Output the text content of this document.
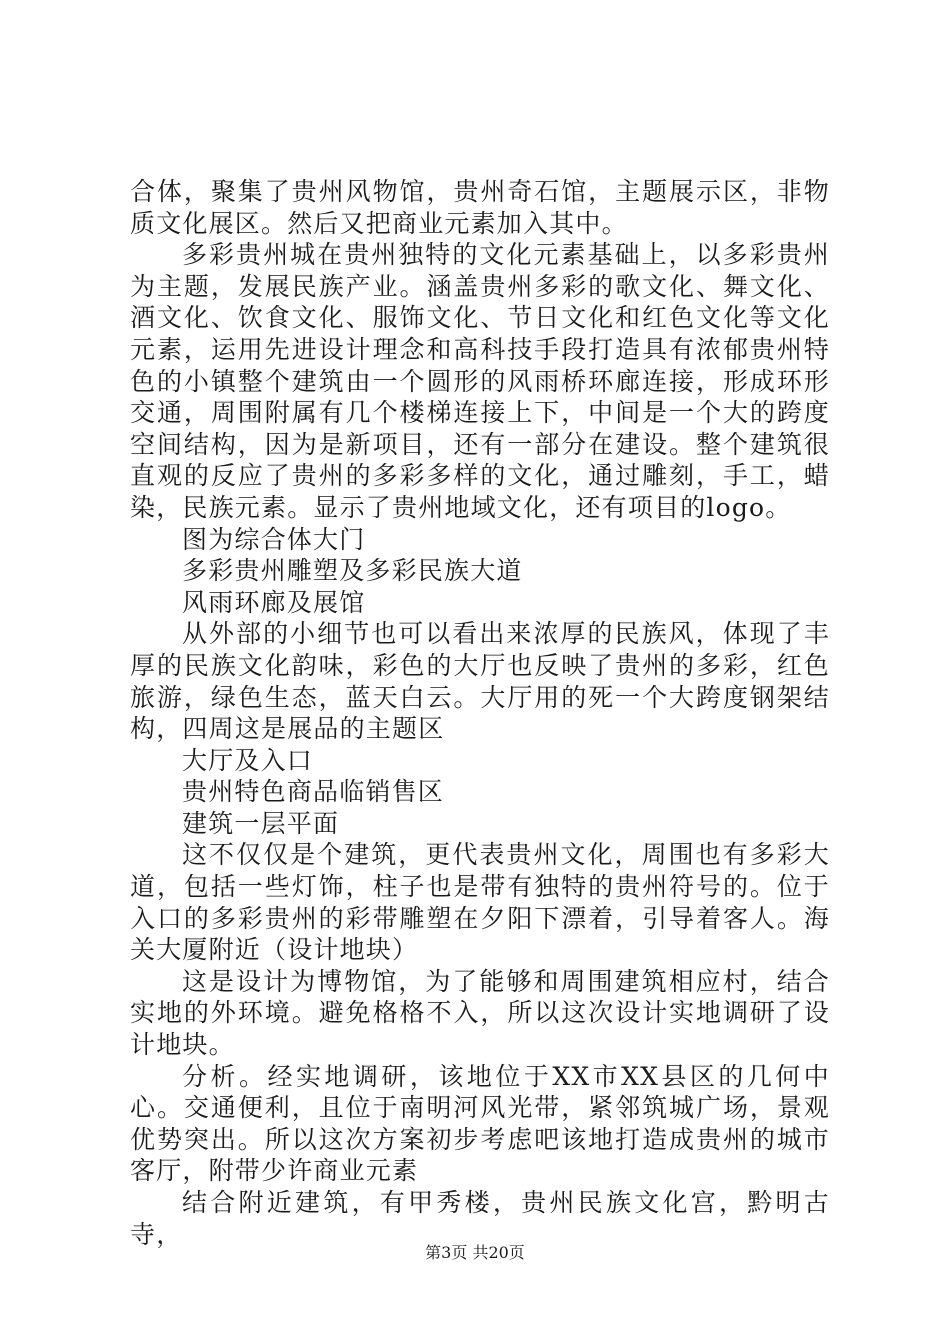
合体，聚集了贵州风物馆，贵州奇石馆，主题展示区，非物质文化展区。然后又把商业元素加入其中。

多彩贵州城在贵州独特的文化元素基础上，以多彩贵州为主题，发展民族产业。涵盖贵州多彩的歌文化、舞文化、酒文化、饮食文化、服饰文化、节日文化和红色文化等文化元素，运用先进设计理念和高科技手段打造具有浓郁贵州特色的小镇整个建筑由一个圆形的风雨桥环廊连接，形成环形交通，周围附属有几个楼梯连接上下，中间是一个大的跨度空间结构，因为是新项目，还有一部分在建设。整个建筑很直观的反应了贵州的多彩多样的文化，通过雕刻，手工，蜡染，民族元素。显示了贵州地域文化，还有项目的logo。

图为综合体大门

多彩贵州雕塑及多彩民族大道

风雨环廊及展馆

从外部的小细节也可以看出来浓厚的民族风，体现了丰厚的民族文化韵味，彩色的大厅也反映了贵州的多彩，红色旅游，绿色生态，蓝天白云。大厅用的死一个大跨度钢架结构，四周这是展品的主题区

大厅及入口

贵州特色商品临销售区

建筑一层平面

这不仅仅是个建筑，更代表贵州文化，周围也有多彩大道，包括一些灯饰，柱子也是带有独特的贵州符号的。位于入口的多彩贵州的彩带雕塑在夕阳下漂着，引导着客人。海关大厦附近（设计地块）

这是设计为博物馆，为了能够和周围建筑相应村，结合实地的外环境。避免格格不入，所以这次设计实地调研了设计地块。

分析。经实地调研，该地位于XX市XX县区的几何中心。交通便利，且位于南明河风光带，紧邻筑城广场，景观优势突出。所以这次方案初步考虑吧该地打造成贵州的城市客厅，附带少许商业元素

结合附近建筑，有甲秀楼，贵州民族文化宫，黔明古寺，

第3页 共20页
